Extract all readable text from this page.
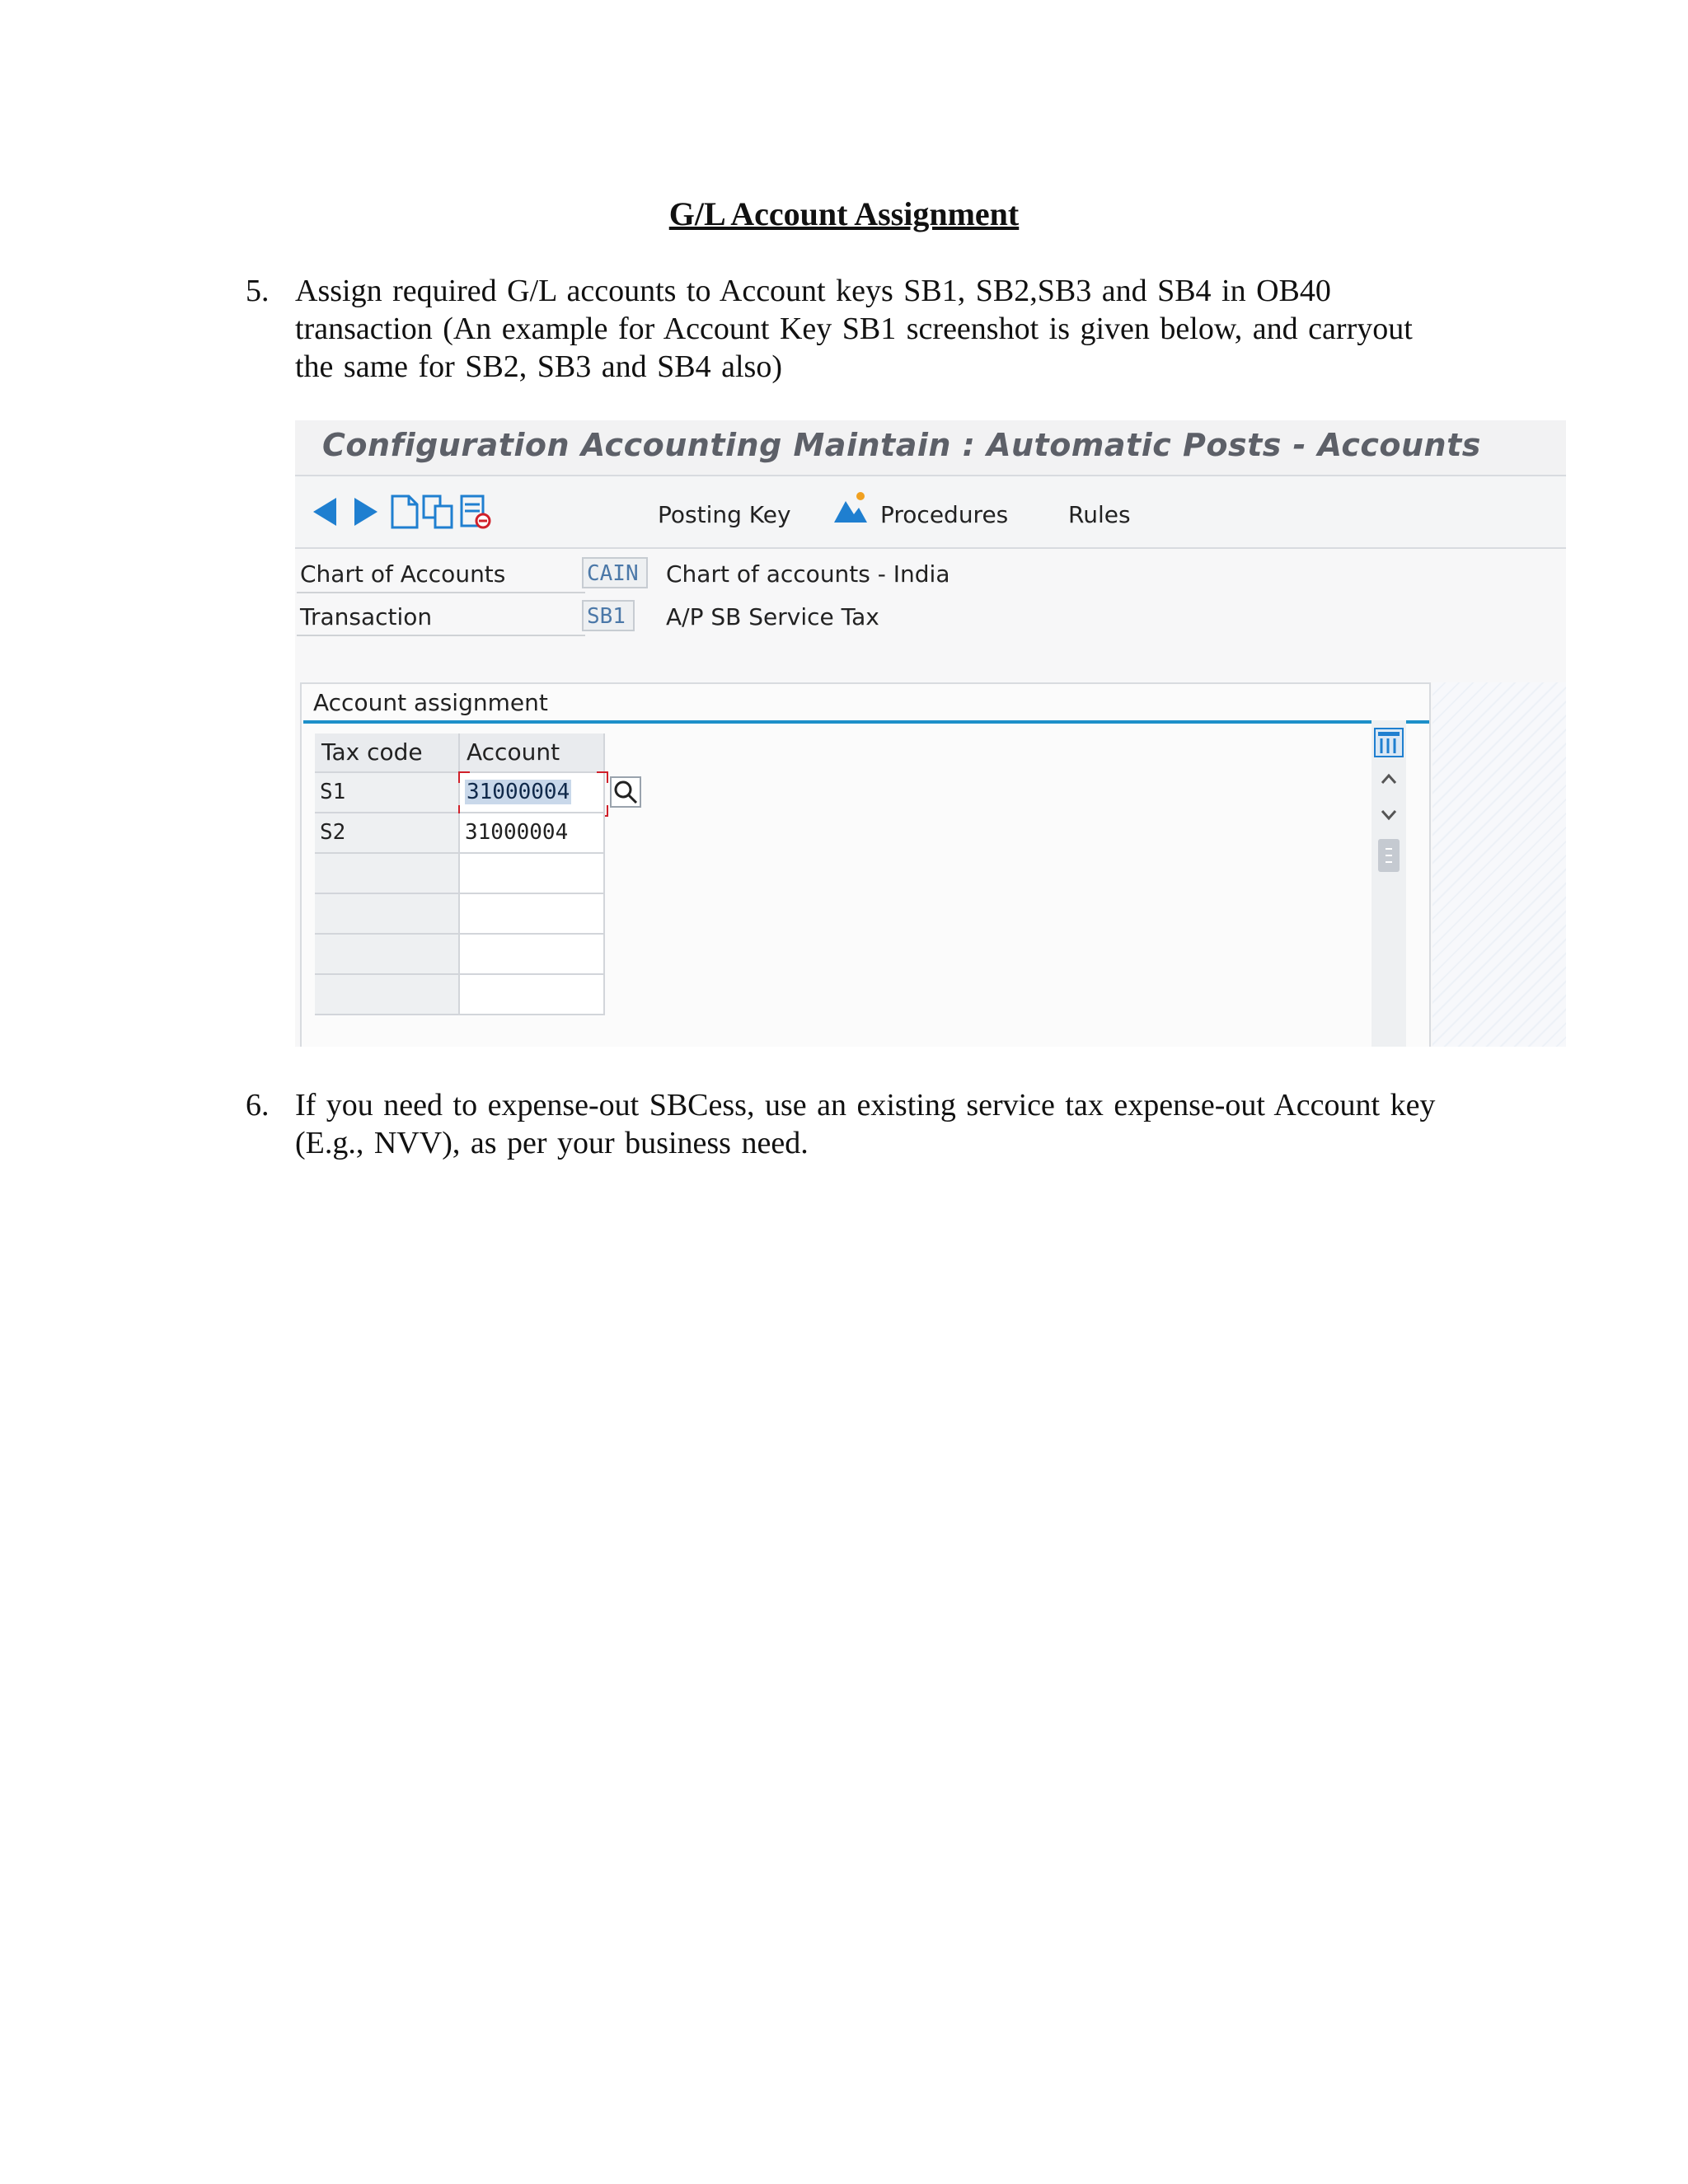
G/L Account Assignment
5. Assign required G/L accounts to Account keys SB1, SB2,SB3 and SB4 in OB40 transaction (An example for Account Key SB1 screenshot is given below, and carryout the same for SB2, SB3 and SB4 also)
Configuration Accounting Maintain : Automatic Posts - Accounts
Posting Key	Procedures	Rules
Chart of Accounts	CAIN	Chart of accounts - India
Transaction	SB1	A/P SB Service Tax
Account assignment
Tax code	Account
S1	31000004
S2	31000004
6. If you need to expense-out SBCess, use an existing service tax expense-out Account key (E.g., NVV), as per your business need.
